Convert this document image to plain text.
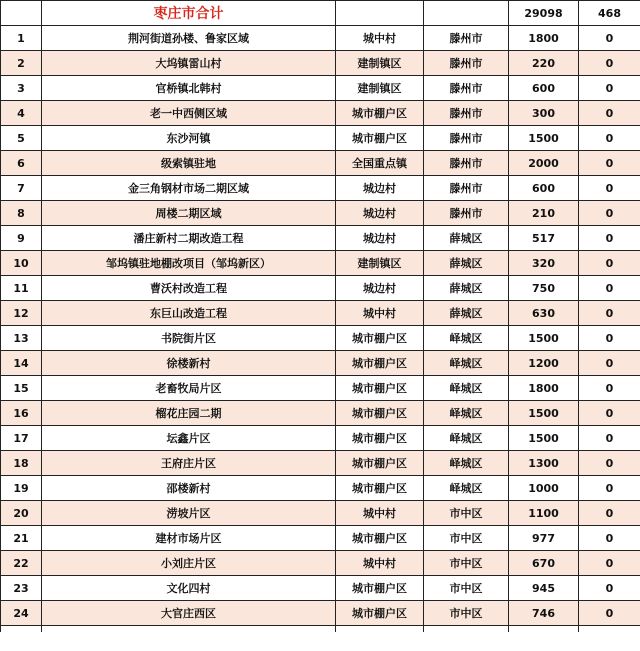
	枣庄市合计			29098	468
1	荆河街道孙楼、鲁家区域	城中村	滕州市	1800	0
2	大坞镇雷山村	建制镇区	滕州市	220	0
3	官桥镇北韩村	建制镇区	滕州市	600	0
4	老一中西侧区域	城市棚户区	滕州市	300	0
5	东沙河镇	城市棚户区	滕州市	1500	0
6	级索镇驻地	全国重点镇	滕州市	2000	0
7	金三角钢材市场二期区域	城边村	滕州市	600	0
8	周楼二期区域	城边村	滕州市	210	0
9	潘庄新村二期改造工程	城边村	薛城区	517	0
10	邹坞镇驻地棚改项目（邹坞新区）	建制镇区	薛城区	320	0
11	曹沃村改造工程	城边村	薛城区	750	0
12	东巨山改造工程	城中村	薛城区	630	0
13	书院街片区	城市棚户区	峄城区	1500	0
14	徐楼新村	城市棚户区	峄城区	1200	0
15	老畜牧局片区	城市棚户区	峄城区	1800	0
16	榴花庄园二期	城市棚户区	峄城区	1500	0
17	坛鑫片区	城市棚户区	峄城区	1500	0
18	王府庄片区	城市棚户区	峄城区	1300	0
19	邵楼新村	城市棚户区	峄城区	1000	0
20	涝坡片区	城中村	市中区	1100	0
21	建材市场片区	城市棚户区	市中区	977	0
22	小刘庄片区	城中村	市中区	670	0
23	文化四村	城市棚户区	市中区	945	0
24	大官庄西区	城市棚户区	市中区	746	0
